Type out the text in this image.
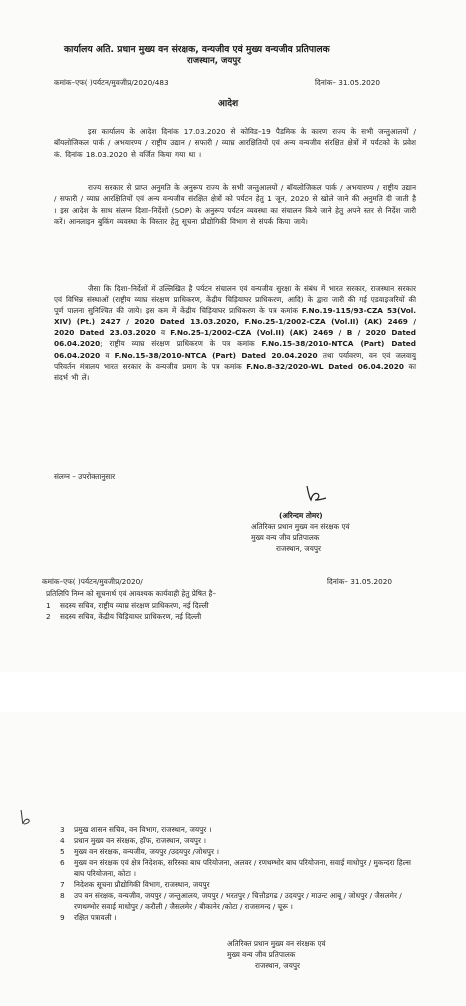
कार्यालय अति. प्रधान मुख्य वन संरक्षक, वन्यजीव एवं मुख्य वन्यजीव प्रतिपालक
राजस्थान, जयपुर
कमांक–एफ( )पर्यटन/मुवजीप्र/2020/483	दिनांक– 31.05.2020
आदेश
इस कार्यालय के आदेश दिनांक 17.03.2020 से कोविड–19 पैडमिक के कारण राज्य के सभी जन्तुआलयों / बॉयलोजिकल पार्क / अभयारण्य / राष्ट्रीय उद्यान / सफारी / व्याघ्र आरक्षितियों एवं अन्य वन्यजीव संरक्षित क्षेत्रों में पर्यटको के प्रवेश कं. दिनांक 18.03.2020 से वर्जित किया गया था ।
राज्य सरकार से प्राप्त अनुमति के अनुरूप राज्य के सभी जन्तुआलयों / बॉयलोजिकल पार्क / अभयारण्य / राष्ट्रीय उद्यान / सफारी / व्याघ्र आरक्षितियों एवं अन्य वन्यजीव संरक्षित क्षेत्रों को पर्यटन हेतु 1 जून, 2020 से खोले जाने की अनुमति दी जाती है । इस आदेश के साथ संलग्न दिशा–निर्देशों (SOP) के अनुरूप पर्यटन व्यवस्था का संचालन किये जाने हेतु अपने स्तर से निर्देश जारी करें। आनलाइन बुकिंग व्यवस्था के विस्तार हेतु सूचना प्रौद्योगिकी विभाग से संपर्क किया जाये।
जैसा कि दिशा–निर्देशों में उल्लिखित है पर्यटन संचालन एवं वन्यजीव सुरक्षा के संबंध में भारत सरकार, राजस्थान सरकार एवं विभिन्न संस्थाओं (राष्ट्रीय व्याघ्र संरक्षण प्राधिकरण, केंद्रीय चिड़ियाघर प्राधिकरण, आदि) के द्वारा जारी की गई एडवाइजरियों की पूर्ण पालना सुनिश्चित की जाये। इस कम में केंद्रीय चिड़ियाघर प्राधिकरण के पत्र कमांक F.No.19-115/93-CZA 53(Vol. XIV) (Pt.) 2427 / 2020 Dated 13.03.2020, F.No.25-1/2002-CZA (Vol.II) (AK) 2469 / 2020 Dated 23.03.2020 व F.No.25-1/2002-CZA (Vol.II) (AK) 2469 / B / 2020 Dated 06.04.2020; राष्ट्रीय व्याघ्र संरक्षण प्राधिकरण के पत्र कमांक F.No.15-38/2010-NTCA (Part) Dated 06.04.2020 व F.No.15-38/2010-NTCA (Part) Dated 20.04.2020 तथा पर्यावरण, वन एवं जलवायु परिवर्तन मंत्रालय भारत सरकार के वन्यजीव प्रमाग के पत्र कमांक F.No.8-32/2020-WL Dated 06.04.2020 का संदर्भ भी लें।
संलग्न – उपरोक्तानुसार
(अरिन्दम तोमर)
अतिरिक्त प्रधान मुख्य वन संरक्षक एवं
मुख्य वन्य जीव प्रतिपालक
राजस्थान, जयपुर
कमांक–एफ( )पर्यटन/मुवजीप्र/2020/	दिनांक– 31.05.2020
प्रतिलिपि निम्न को सूचनार्थ एवं आवश्यक कार्यवाही हेतु प्रेषित है–
1	सदस्य सचिव, राष्ट्रीय व्याघ्र संरक्षण प्राधिकरण, नई दिल्ली
2	सदस्य सचिव, केंद्रीय चिड़ियाघर प्राधिकरण, नई दिल्ली
3	प्रमुख शासन सचिव, वन विभाग, राजस्थान, जयपुर ।
4	प्रधान मुख्य वन संरक्षक, हॉफ, राजस्थान, जयपुर ।
5	मुख्य वन संरक्षक, वन्यजीव, जयपुर /उदयपुर /जोधपुर ।
6	मुख्य वन संरक्षक एवं क्षेत्र निदेशक, सरिस्का बाघ परियोजना, अलवर / रणथम्भोर बाघ परियोजना, सवाई माधोपुर / मुकन्दरा हिल्स बाघ परियोजना, कोटा ।
7	निदेशक सूचना प्रौद्योगिकी विभाग, राजस्थान, जयपुर
8	उप वन संरक्षक, वन्यजीव, जयपुर / जन्तुआलय, जयपुर / भरतपुर / चित्तौडगढ / उदयपुर / माउन्ट आबू / जोधपुर / जैसलमेर / रणथम्भोर सवाई माधोपुर / करौली / जैसलमेर / बीकानेर /कोटा / राजसमन्द / चूरू ।
9	रक्षित पत्रावली ।
अतिरिक्त प्रधान मुख्य वन संरक्षक एवं
मुख्य वन्य जीव प्रतिपालक
राजस्थान, जयपुर
